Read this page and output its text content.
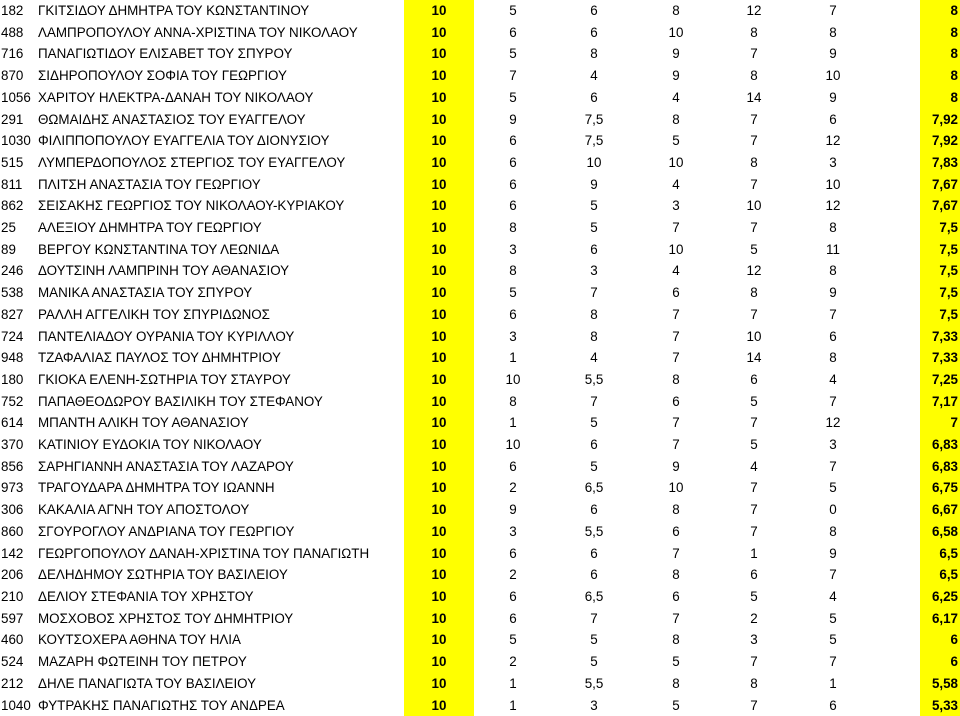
182	ΓΚΙΤΣΙΔΟΥ ΔΗΜΗΤΡΑ ΤΟΥ ΚΩΝΣΤΑΝΤΙΝΟΥ	10	5	6	8	12	7			8
488	ΛΑΜΠΡΟΠΟΥΛΟΥ ΑΝΝΑ-ΧΡΙΣΤΙΝΑ ΤΟΥ ΝΙΚΟΛΑΟΥ	10	6	6	10	8	8			8
716	ΠΑΝΑΓΙΩΤΙΔΟΥ ΕΛΙΣΑΒΕΤ ΤΟΥ ΣΠΥΡΟΥ	10	5	8	9	7	9			8
870	ΣΙΔΗΡΟΠΟΥΛΟΥ ΣΟΦΙΑ ΤΟΥ ΓΕΩΡΓΙΟΥ	10	7	4	9	8	10			8
1056	ΧΑΡΙΤΟΥ ΗΛΕΚΤΡΑ-ΔΑΝΑΗ ΤΟΥ ΝΙΚΟΛΑΟΥ	10	5	6	4	14	9			8
291	ΘΩΜΑΙΔΗΣ ΑΝΑΣΤΑΣΙΟΣ ΤΟΥ ΕΥΑΓΓΕΛΟΥ	10	9	7,5	8	7	6			7,92
1030	ΦΙΛΙΠΠΟΠΟΥΛΟΥ ΕΥΑΓΓΕΛΙΑ ΤΟΥ ΔΙΟΝΥΣΙΟΥ	10	6	7,5	5	7	12			7,92
515	ΛΥΜΠΕΡΔΟΠΟΥΛΟΣ ΣΤΕΡΓΙΟΣ ΤΟΥ ΕΥΑΓΓΕΛΟΥ	10	6	10	10	8	3			7,83
811	ΠΛΙΤΣΗ ΑΝΑΣΤΑΣΙΑ ΤΟΥ ΓΕΩΡΓΙΟΥ	10	6	9	4	7	10			7,67
862	ΣΕΙΣΑΚΗΣ ΓΕΩΡΓΙΟΣ ΤΟΥ ΝΙΚΟΛΑΟΥ-ΚΥΡΙΑΚΟΥ	10	6	5	3	10	12			7,67
25	ΑΛΕΞΙΟΥ ΔΗΜΗΤΡΑ ΤΟΥ ΓΕΩΡΓΙΟΥ	10	8	5	7	7	8			7,5
89	ΒΕΡΓΟΥ ΚΩΝΣΤΑΝΤΙΝΑ ΤΟΥ ΛΕΩΝΙΔΑ	10	3	6	10	5	11			7,5
246	ΔΟΥΤΣΙΝΗ ΛΑΜΠΡΙΝΗ ΤΟΥ ΑΘΑΝΑΣΙΟΥ	10	8	3	4	12	8			7,5
538	ΜΑΝΙΚΑ ΑΝΑΣΤΑΣΙΑ ΤΟΥ ΣΠΥΡΟΥ	10	5	7	6	8	9			7,5
827	ΡΑΛΛΗ ΑΓΓΕΛΙΚΗ ΤΟΥ ΣΠΥΡΙΔΩΝΟΣ	10	6	8	7	7	7			7,5
724	ΠΑΝΤΕΛΙΑΔΟΥ ΟΥΡΑΝΙΑ ΤΟΥ ΚΥΡΙΛΛΟΥ	10	3	8	7	10	6			7,33
948	ΤΖΑΦΑΛΙΑΣ ΠΑΥΛΟΣ ΤΟΥ ΔΗΜΗΤΡΙΟΥ	10	1	4	7	14	8			7,33
180	ΓΚΙΟΚΑ ΕΛΕΝΗ-ΣΩΤΗΡΙΑ ΤΟΥ ΣΤΑΥΡΟΥ	10	10	5,5	8	6	4			7,25
752	ΠΑΠΑΘΕΟΔΩΡΟΥ ΒΑΣΙΛΙΚΗ ΤΟΥ ΣΤΕΦΑΝΟΥ	10	8	7	6	5	7			7,17
614	ΜΠΑΝΤΗ ΑΛΙΚΗ ΤΟΥ ΑΘΑΝΑΣΙΟΥ	10	1	5	7	7	12			7
370	ΚΑΤΙΝΙΟΥ ΕΥΔΟΚΙΑ ΤΟΥ ΝΙΚΟΛΑΟΥ	10	10	6	7	5	3			6,83
856	ΣΑΡΗΓΙΑΝΝΗ ΑΝΑΣΤΑΣΙΑ ΤΟΥ ΛΑΖΑΡΟΥ	10	6	5	9	4	7			6,83
973	ΤΡΑΓΟΥΔΑΡΑ ΔΗΜΗΤΡΑ ΤΟΥ ΙΩΑΝΝΗ	10	2	6,5	10	7	5			6,75
306	ΚΑΚΑΛΙΑ ΑΓΝΗ ΤΟΥ ΑΠΟΣΤΟΛΟΥ	10	9	6	8	7	0			6,67
860	ΣΓΟΥΡΟΓΛΟΥ ΑΝΔΡΙΑΝΑ ΤΟΥ ΓΕΩΡΓΙΟΥ	10	3	5,5	6	7	8			6,58
142	ΓΕΩΡΓΟΠΟΥΛΟΥ ΔΑΝΑΗ-ΧΡΙΣΤΙΝΑ ΤΟΥ ΠΑΝΑΓΙΩΤΗ	10	6	6	7	1	9			6,5
206	ΔΕΛΗΔΗΜΟΥ ΣΩΤΗΡΙΑ ΤΟΥ ΒΑΣΙΛΕΙΟΥ	10	2	6	8	6	7			6,5
210	ΔΕΛΙΟΥ ΣΤΕΦΑΝΙΑ ΤΟΥ ΧΡΗΣΤΟΥ	10	6	6,5	6	5	4			6,25
597	ΜΟΣΧΟΒΟΣ ΧΡΗΣΤΟΣ ΤΟΥ ΔΗΜΗΤΡΙΟΥ	10	6	7	7	2	5			6,17
460	ΚΟΥΤΣΟΧΕΡΑ ΑΘΗΝΑ ΤΟΥ ΗΛΙΑ	10	5	5	8	3	5			6
524	ΜΑΖΑΡΗ ΦΩΤΕΙΝΗ ΤΟΥ ΠΕΤΡΟΥ	10	2	5	5	7	7			6
212	ΔΗΛΕ ΠΑΝΑΓΙΩΤΑ ΤΟΥ ΒΑΣΙΛΕΙΟΥ	10	1	5,5	8	8	1			5,58
1040	ΦΥΤΡΑΚΗΣ ΠΑΝΑΓΙΩΤΗΣ ΤΟΥ ΑΝΔΡΕΑ	10	1	3	5	7	6			5,33
